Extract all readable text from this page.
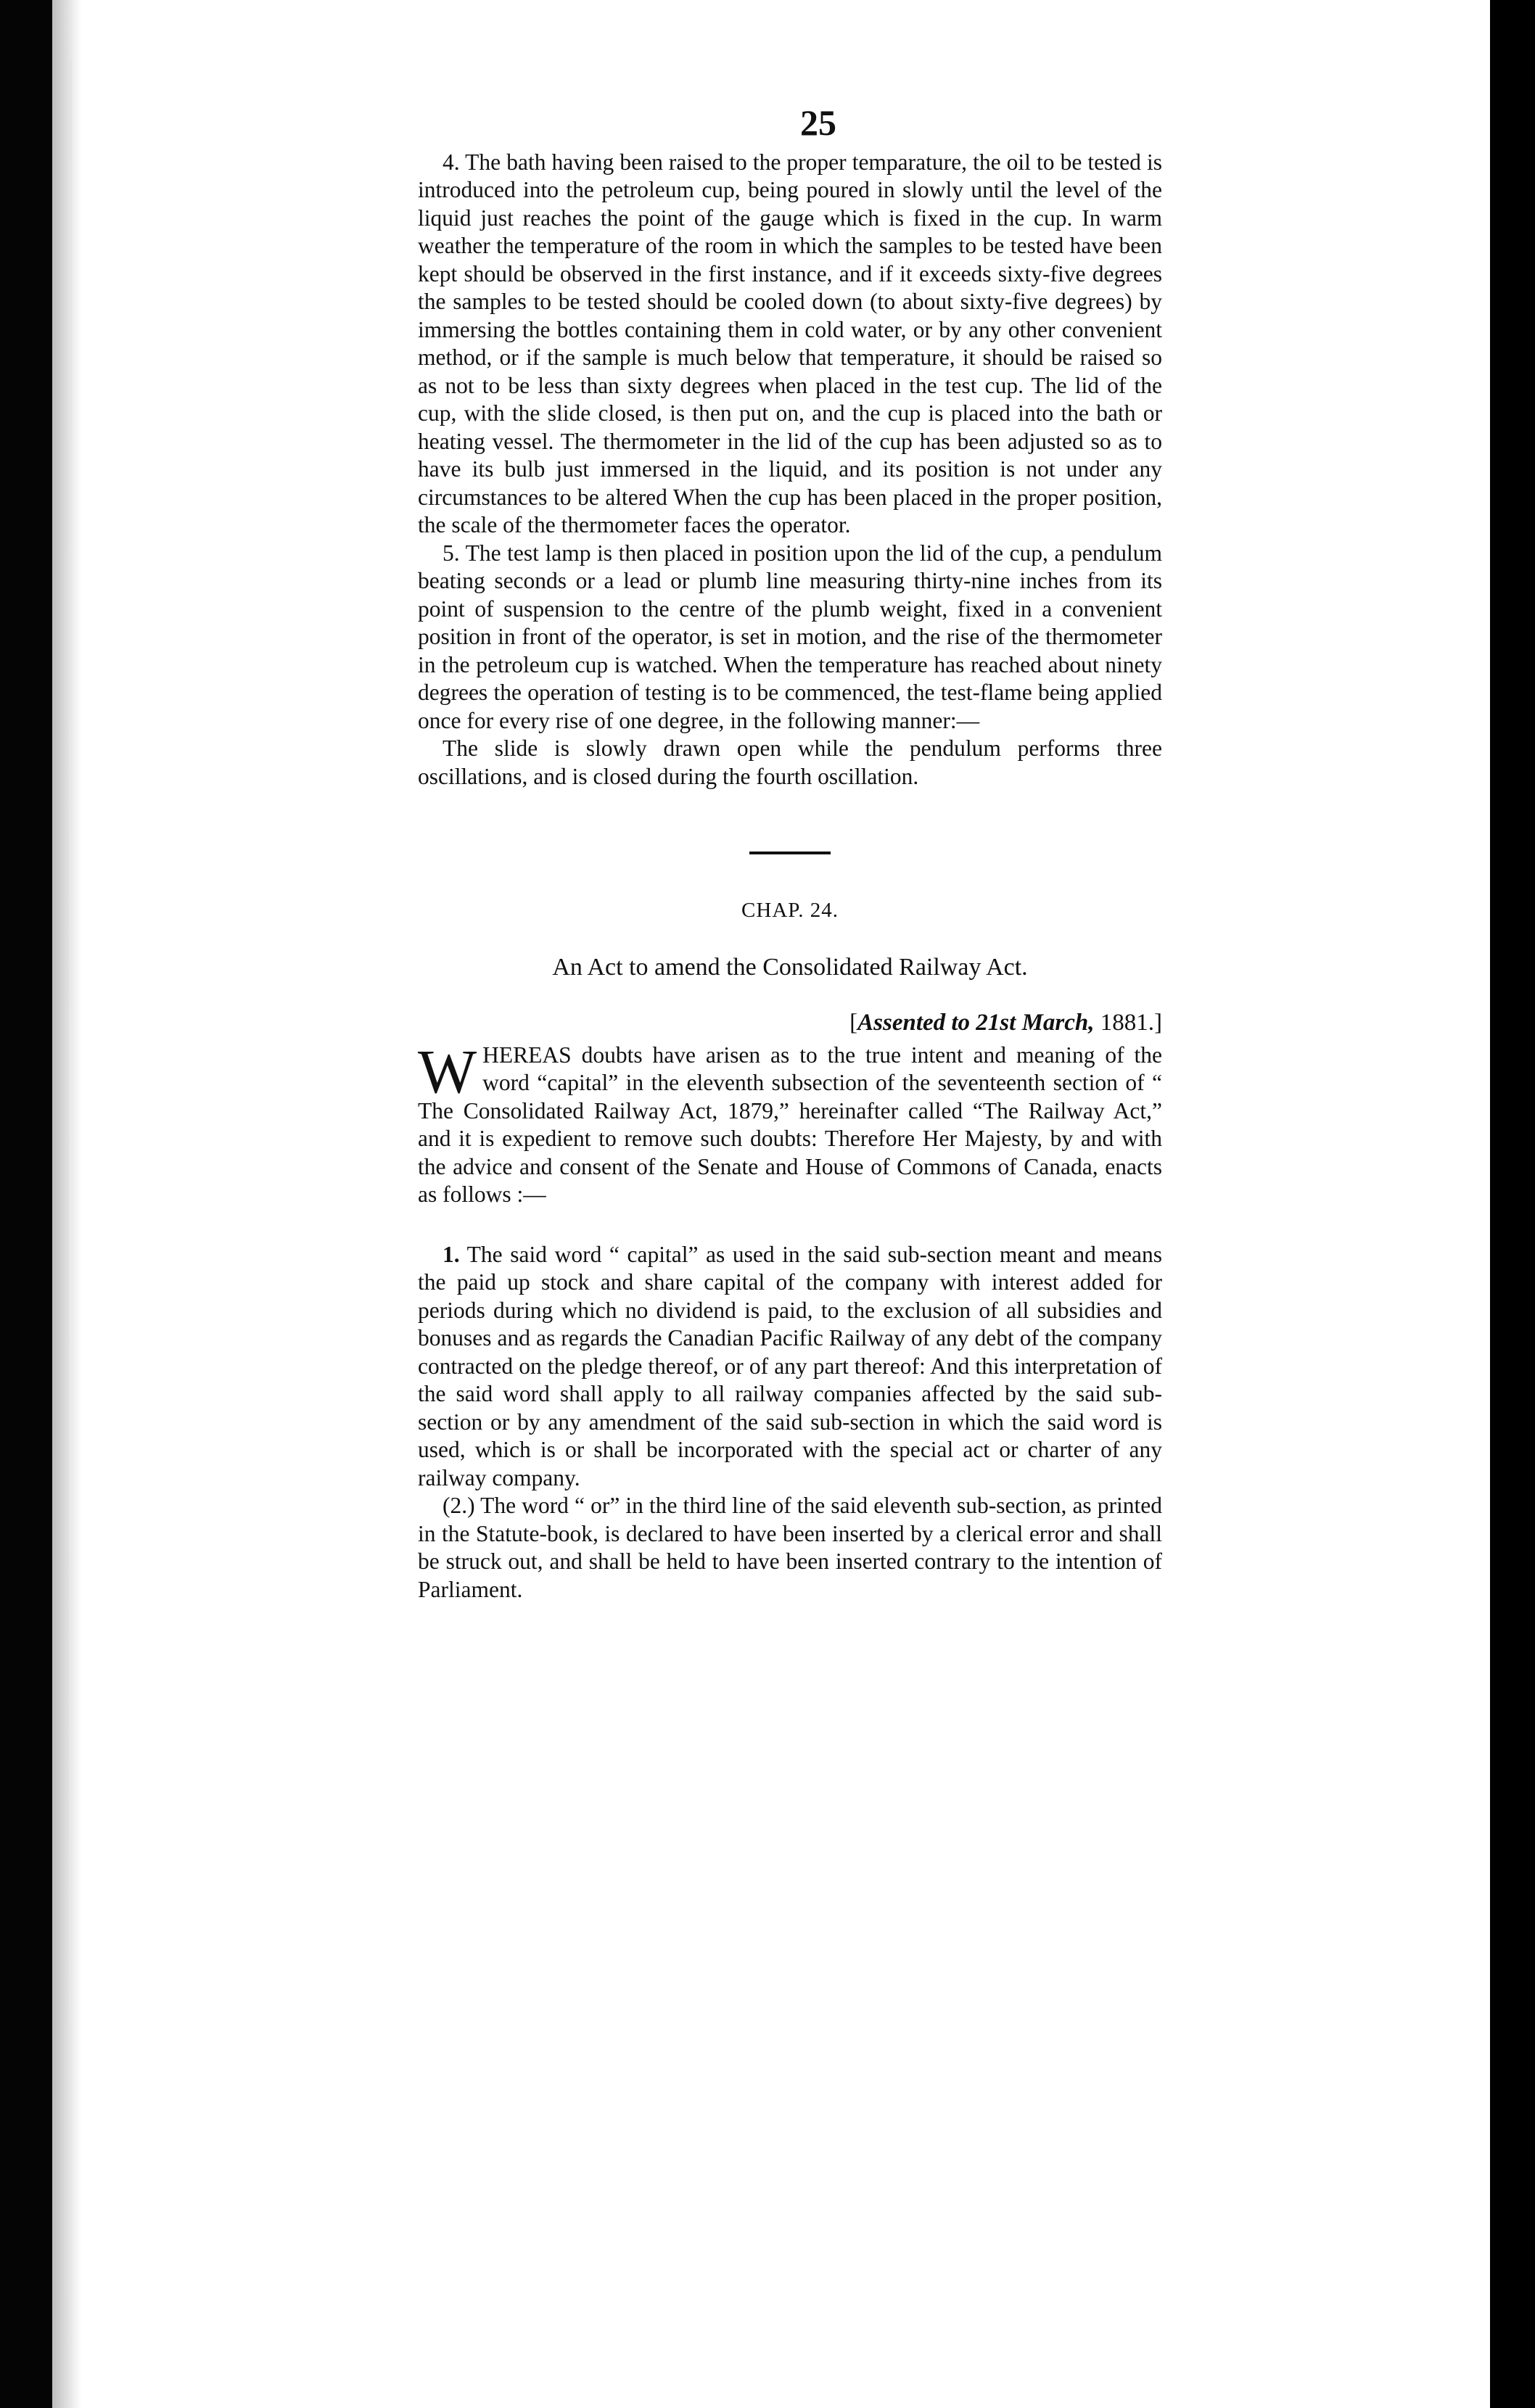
25

4. The bath having been raised to the proper temparature, the oil to be tested is introduced into the petroleum cup, being poured in slowly until the level of the liquid just reaches the point of the gauge which is fixed in the cup. In warm weather the temperature of the room in which the samples to be tested have been kept should be observed in the first instance, and if it exceeds sixty-five degrees the samples to be tested should be cooled down (to about sixty-five degrees) by immersing the bottles containing them in cold water, or by any other convenient method, or if the sample is much below that temperature, it should be raised so as not to be less than sixty degrees when placed in the test cup. The lid of the cup, with the slide closed, is then put on, and the cup is placed into the bath or heating vessel. The thermometer in the lid of the cup has been adjusted so as to have its bulb just immersed in the liquid, and its position is not under any circumstances to be altered When the cup has been placed in the proper position, the scale of the thermometer faces the operator.

5. The test lamp is then placed in position upon the lid of the cup, a pendulum beating seconds or a lead or plumb line measuring thirty-nine inches from its point of suspension to the centre of the plumb weight, fixed in a convenient position in front of the operator, is set in motion, and the rise of the thermometer in the petroleum cup is watched. When the temperature has reached about ninety degrees the operation of testing is to be commenced, the test-flame being applied once for every rise of one degree, in the following manner:—

The slide is slowly drawn open while the pendulum performs three oscillations, and is closed during the fourth oscillation.

CHAP. 24.
An Act to amend the Consolidated Railway Act.
[Assented to 21st March, 1881.]

WHEREAS doubts have arisen as to the true intent and meaning of the word “capital” in the eleventh subsection of the seventeenth section of “ The Consolidated Railway Act, 1879,” hereinafter called “The Railway Act,” and it is expedient to remove such doubts: Therefore Her Majesty, by and with the advice and consent of the Senate and House of Commons of Canada, enacts as follows :—

1. The said word “ capital” as used in the said sub-section meant and means the paid up stock and share capital of the company with interest added for periods during which no dividend is paid, to the exclusion of all subsidies and bonuses and as regards the Canadian Pacific Railway of any debt of the company contracted on the pledge thereof, or of any part thereof: And this interpretation of the said word shall apply to all railway companies affected by the said sub-section or by any amendment of the said sub-section in which the said word is used, which is or shall be incorporated with the special act or charter of any railway company.

(2.) The word “ or” in the third line of the said eleventh sub-section, as printed in the Statute-book, is declared to have been inserted by a clerical error and shall be struck out, and shall be held to have been inserted contrary to the intention of Parliament.
